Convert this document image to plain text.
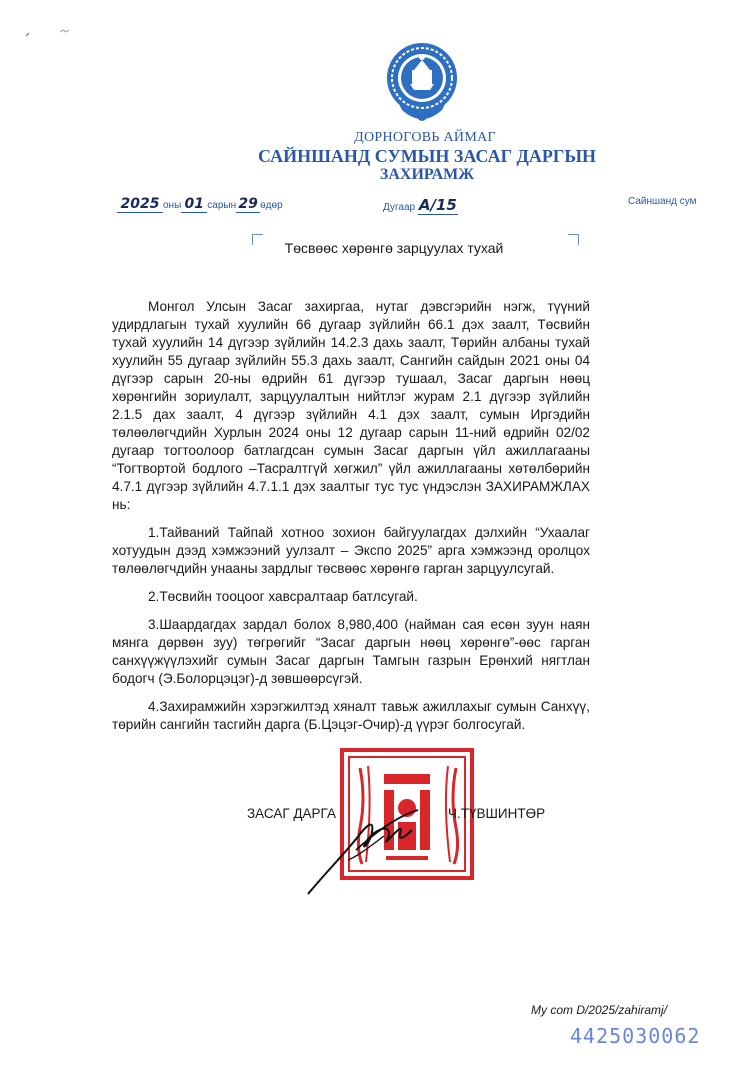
ДОРНОГОВЬ АЙМАГ
САЙНШАНД СУМЫН ЗАСАГ ДАРГЫН
ЗАХИРАМЖ
2025 оны 01 сарын 29 өдөр	Дугаар A/15	Сайншанд сум
Төсвөөс хөрөнгө зарцуулах тухай

Монгол Улсын Засаг захиргаа, нутаг дэвсгэрийн нэгж, түүний удирдлагын тухай хуулийн 66 дугаар зүйлийн 66.1 дэх заалт, Төсвийн тухай хуулийн 14 дүгээр зүйлийн 14.2.3 дахь заалт, Төрийн албаны тухай хуулийн 55 дугаар зүйлийн 55.3 дахь заалт, Сангийн сайдын 2021 оны 04 дүгээр сарын 20-ны өдрийн 61 дүгээр тушаал, Засаг даргын нөөц хөрөнгийн зориулалт, зарцуулалтын нийтлэг журам 2.1 дүгээр зүйлийн 2.1.5 дах заалт, 4 дүгээр зүйлийн 4.1 дэх заалт, сумын Иргэдийн төлөөлөгчдийн Хурлын 2024 оны 12 дугаар сарын 11-ний өдрийн 02/02 дугаар тогтоолоор батлагдсан сумын Засаг даргын үйл ажиллагааны “Тогтвортой бодлого –Тасралтгүй хөгжил” үйл ажиллагааны хөтөлбөрийн 4.7.1 дүгээр зүйлийн 4.7.1.1 дэх заалтыг тус тус үндэслэн ЗАХИРАМЖЛАХ нь:

1.Тайваний Тайпай хотноо зохион байгуулагдах дэлхийн “Ухаалаг хотуудын дээд хэмжээний уулзалт – Экспо 2025” арга хэмжээнд оролцох төлөөлөгчдийн унааны зардлыг төсвөөс хөрөнгө гарган зарцуулсугай.

2.Төсвийн тооцоог хавсралтаар батлсугай.

3.Шаардагдах зардал болох 8,980,400 (найман сая есөн зуун наян мянга дөрвөн зуу) төгрөгийг “Засаг даргын нөөц хөрөнгө”-өөс гарган санхүүжүүлэхийг сумын Засаг даргын Тамгын газрын Ерөнхий нягтлан бодогч (Э.Болорцэцэг)-д зөвшөөрсүгэй.

4.Захирамжийн хэрэгжилтэд хяналт тавьж ажиллахыг сумын Санхүү, төрийн сангийн тасгийн дарга (Б.Цэцэг-Очир)-д үүрэг болгосугай.

ЗАСАГ ДАРГА	Ч.ТҮВШИНТӨР
My com D/2025/zahiramj/
4425030062
